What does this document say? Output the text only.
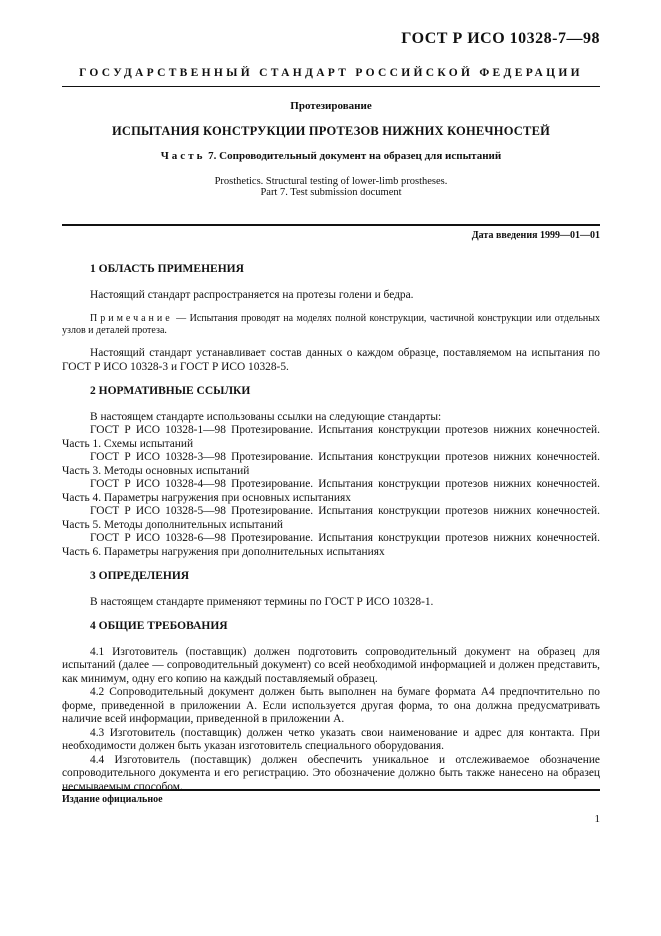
ГОСТ Р ИСО 10328-7—98
ГОСУДАРСТВЕННЫЙ СТАНДАРТ РОССИЙСКОЙ ФЕДЕРАЦИИ
Протезирование
ИСПЫТАНИЯ КОНСТРУКЦИИ ПРОТЕЗОВ НИЖНИХ КОНЕЧНОСТЕЙ
Часть 7. Сопроводительный документ на образец для испытаний
Prosthetics. Structural testing of lower-limb prostheses.
Part 7. Test submission document
Дата введения 1999—01—01
1 ОБЛАСТЬ ПРИМЕНЕНИЯ

Настоящий стандарт распространяется на протезы голени и бедра.

Примечание — Испытания проводят на моделях полной конструкции, частичной конструкции или отдельных узлов и деталей протеза.

Настоящий стандарт устанавливает состав данных о каждом образце, поставляемом на испытания по ГОСТ Р ИСО 10328-3 и ГОСТ Р ИСО 10328-5.

2 НОРМАТИВНЫЕ ССЫЛКИ

В настоящем стандарте использованы ссылки на следующие стандарты:

ГОСТ Р ИСО 10328-1—98 Протезирование. Испытания конструкции протезов нижних конечностей. Часть 1. Схемы испытаний

ГОСТ Р ИСО 10328-3—98 Протезирование. Испытания конструкции протезов нижних конечностей. Часть 3. Методы основных испытаний

ГОСТ Р ИСО 10328-4—98 Протезирование. Испытания конструкции протезов нижних конечностей. Часть 4. Параметры нагружения при основных испытаниях

ГОСТ Р ИСО 10328-5—98 Протезирование. Испытания конструкции протезов нижних конечностей. Часть 5. Методы дополнительных испытаний

ГОСТ Р ИСО 10328-6—98 Протезирование. Испытания конструкции протезов нижних конечностей. Часть 6. Параметры нагружения при дополнительных испытаниях

3 ОПРЕДЕЛЕНИЯ

В настоящем стандарте применяют термины по ГОСТ Р ИСО 10328-1.

4 ОБЩИЕ ТРЕБОВАНИЯ

4.1 Изготовитель (поставщик) должен подготовить сопроводительный документ на образец для испытаний (далее — сопроводительный документ) со всей необходимой информацией и должен представить, как минимум, одну его копию на каждый поставляемый образец.

4.2 Сопроводительный документ должен быть выполнен на бумаге формата А4 предпочтительно по форме, приведенной в приложении А. Если используется другая форма, то она должна предусматривать наличие всей информации, приведенной в приложении А.

4.3 Изготовитель (поставщик) должен четко указать свои наименование и адрес для контакта. При необходимости должен быть указан изготовитель специального оборудования.

4.4 Изготовитель (поставщик) должен обеспечить уникальное и отслеживаемое обозначение сопроводительного документа и его регистрацию. Это обозначение должно быть также нанесено на образец несмываемым способом.

Издание официальное
1
